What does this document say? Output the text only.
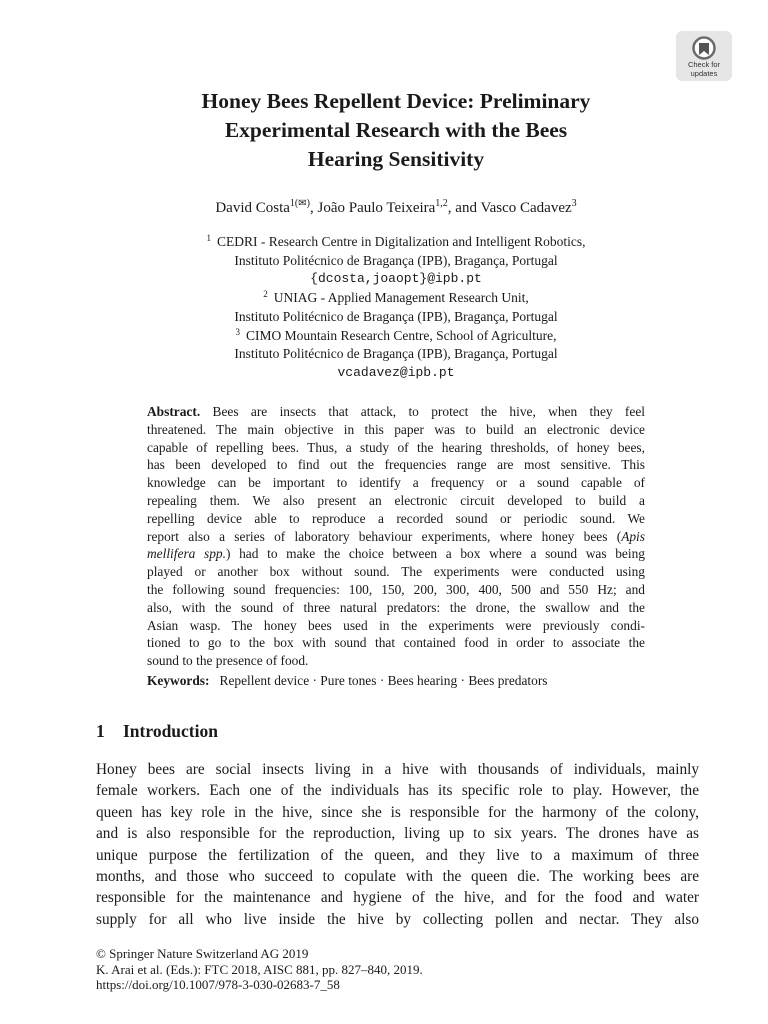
Check for
updates
Honey Bees Repellent Device: Preliminary
Experimental Research with the Bees
Hearing Sensitivity
David Costa$^{1(✉)}$, João Paulo Teixeira$^{1,2}$, and Vasco Cadavez$^3$
$^1$ CEDRI - Research Centre in Digitalization and Intelligent Robotics,
Instituto Politécnico de Bragança (IPB), Bragança, Portugal
{dcosta,joaopt}@ipb.pt
$^2$ UNIAG - Applied Management Research Unit,
Instituto Politécnico de Bragança (IPB), Bragança, Portugal
$^3$ CIMO Mountain Research Centre, School of Agriculture,
Instituto Politécnico de Bragança (IPB), Bragança, Portugal
vcadavez@ipb.pt
Abstract. Bees are insects that attack, to protect the hive, when they feel
threatened. The main objective in this paper was to build an electronic device
capable of repelling bees. Thus, a study of the hearing thresholds, of honey bees,
has been developed to find out the frequencies range are most sensitive. This
knowledge can be important to identify a frequency or a sound capable of
repealing them. We also present an electronic circuit developed to build a
repelling device able to reproduce a recorded sound or periodic sound. We
report also a series of laboratory behaviour experiments, where honey bees (Apis
mellifera spp.) had to make the choice between a box where a sound was being
played or another box without sound. The experiments were conducted using
the following sound frequencies: 100, 150, 200, 300, 400, 500 and 550 Hz; and
also, with the sound of three natural predators: the drone, the swallow and the
Asian wasp. The honey bees used in the experiments were previously condi-
tioned to go to the box with sound that contained food in order to associate the
sound to the presence of food.
Keywords: Repellent device · Pure tones · Bees hearing · Bees predators
1 Introduction
Honey bees are social insects living in a hive with thousands of individuals, mainly
female workers. Each one of the individuals has its specific role to play. However, the
queen has key role in the hive, since she is responsible for the harmony of the colony,
and is also responsible for the reproduction, living up to six years. The drones have as
unique purpose the fertilization of the queen, and they live to a maximum of three
months, and those who succeed to copulate with the queen die. The working bees are
responsible for the maintenance and hygiene of the hive, and for the food and water
supply for all who live inside the hive by collecting pollen and nectar. They also
© Springer Nature Switzerland AG 2019
K. Arai et al. (Eds.): FTC 2018, AISC 881, pp. 827–840, 2019.
https://doi.org/10.1007/978-3-030-02683-7_58
